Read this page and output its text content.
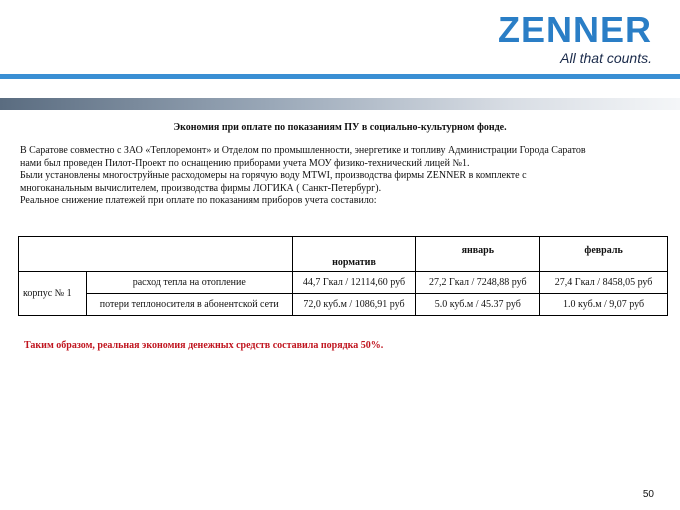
ZENNER
All that counts.
Экономия при оплате по показаниям ПУ в социально-культурном фонде.
В Саратове совместно с ЗАО «Теплоремонт» и Отделом по промышленности, энергетике и топливу Администрации Города Саратов
нами был проведен Пилот-Проект по оснащению приборами учета МОУ физико-технический лицей №1.
Были установлены многоструйные расходомеры на горячую воду MTWI, производства фирмы ZENNER в комплекте с
многоканальным вычислителем, производства фирмы ЛОГИКА ( Санкт-Петербург).
Реальное снижение платежей при оплате по показаниям приборов учета составило:
		норматив	январь	февраль
корпус № 1	расход тепла на отопление	44,7 Гкал / 12114,60 руб	27,2 Гкал / 7248,88 руб	27,4 Гкал / 8458,05 руб
	потери теплоносителя в абонентской сети	72,0 куб.м / 1086,91 руб	5.0 куб.м / 45.37 руб	1.0 куб.м / 9,07 руб
Таким образом, реальная экономия денежных средств составила порядка 50%.
50
